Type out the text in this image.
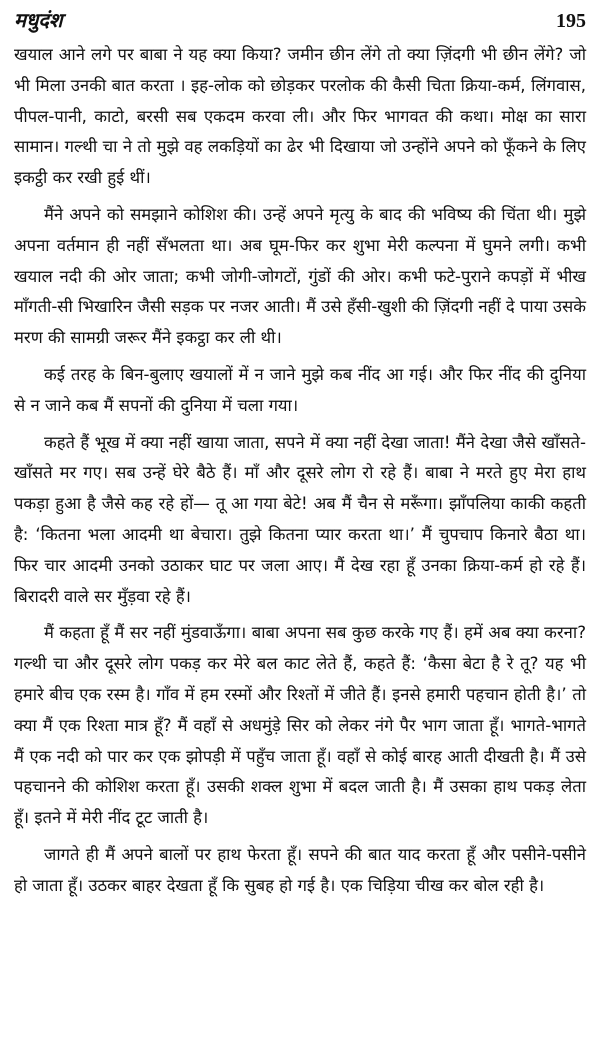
मधुदंश	195

खयाल आने लगे पर बाबा ने यह क्या किया? जमीन छीन लेंगे तो क्या ज़िंदगी भी छीन लेंगे? जो भी मिला उनकी बात करता । इह-लोक को छोड़कर परलोक की कैसी चिता क्रिया-कर्म, लिंगवास, पीपल-पानी, काटो, बरसी सब एकदम करवा ली। और फिर भागवत की कथा। मोक्ष का सारा सामान। गल्थी चा ने तो मुझे वह लकड़ियों का ढेर भी दिखाया जो उन्होंने अपने को फूँकने के लिए इकट्ठी कर रखी हुई थीं।

मैंने अपने को समझाने कोशिश की। उन्हें अपने मृत्यु के बाद की भविष्य की चिंता थी। मुझे अपना वर्तमान ही नहीं सँभलता था। अब घूम-फिर कर शुभा मेरी कल्पना में घुमने लगी। कभी खयाल नदी की ओर जाता; कभी जोगी-जोगटों, गुंडों की ओर। कभी फटे-पुराने कपड़ों में भीख माँगती-सी भिखारिन जैसी सड़क पर नजर आती। मैं उसे हँसी-खुशी की ज़िंदगी नहीं दे पाया उसके मरण की सामग्री जरूर मैंने इकट्ठा कर ली थी।

कई तरह के बिन-बुलाए खयालों में न जाने मुझे कब नींद आ गई। और फिर नींद की दुनिया से न जाने कब मैं सपनों की दुनिया में चला गया।

कहते हैं भूख में क्या नहीं खाया जाता, सपने में क्या नहीं देखा जाता! मैंने देखा जैसे खाँसते-खाँसते मर गए। सब उन्हें घेरे बैठे हैं। माँ और दूसरे लोग रो रहे हैं। बाबा ने मरते हुए मेरा हाथ पकड़ा हुआ है जैसे कह रहे हों— तू आ गया बेटे! अब मैं चैन से मरूँगा। झाँपलिया काकी कहती है: ‘कितना भला आदमी था बेचारा। तुझे कितना प्यार करता था।’ मैं चुपचाप किनारे बैठा था। फिर चार आदमी उनको उठाकर घाट पर जला आए। मैं देख रहा हूँ उनका क्रिया-कर्म हो रहे हैं। बिरादरी वाले सर मुँड़वा रहे हैं।

मैं कहता हूँ मैं सर नहीं मुंडवाऊँगा। बाबा अपना सब कुछ करके गए हैं। हमें अब क्या करना? गल्थी चा और दूसरे लोग पकड़ कर मेरे बल काट लेते हैं, कहते हैं: ‘कैसा बेटा है रे तू? यह भी हमारे बीच एक रस्म है। गाँव में हम रस्मों और रिश्तों में जीते हैं। इनसे हमारी पहचान होती है।’ तो क्या मैं एक रिश्ता मात्र हूँ? मैं वहाँ से अधमुंड़े सिर को लेकर नंगे पैर भाग जाता हूँ। भागते-भागते मैं एक नदी को पार कर एक झोपड़ी में पहुँच जाता हूँ। वहाँ से कोई बारह आती दीखती है। मैं उसे पहचानने की कोशिश करता हूँ। उसकी शक्ल शुभा में बदल जाती है। मैं उसका हाथ पकड़ लेता हूँ। इतने में मेरी नींद टूट जाती है।

जागते ही मैं अपने बालों पर हाथ फेरता हूँ। सपने की बात याद करता हूँ और पसीने-पसीने हो जाता हूँ। उठकर बाहर देखता हूँ कि सुबह हो गई है। एक चिड़िया चीख कर बोल रही है।
